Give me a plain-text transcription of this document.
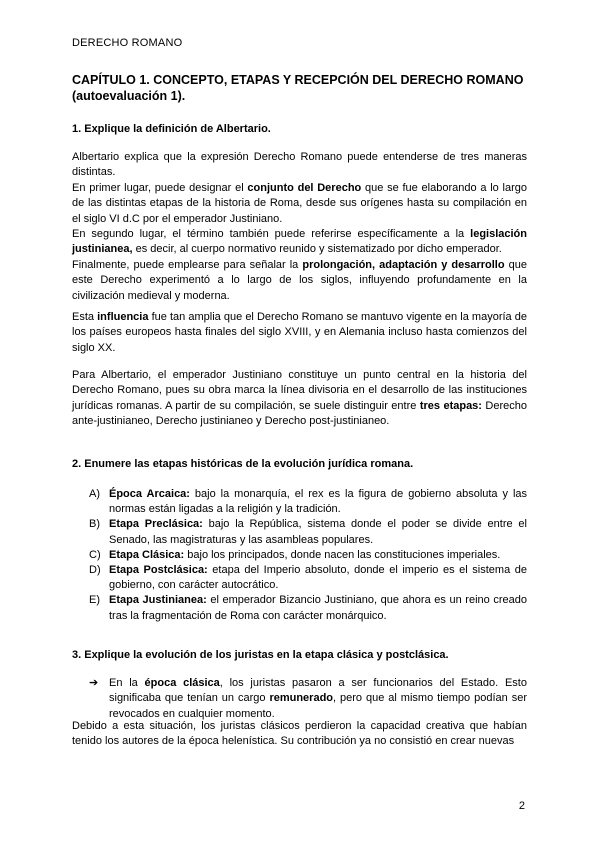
DERECHO ROMANO
CAPÍTULO 1. CONCEPTO, ETAPAS Y RECEPCIÓN DEL DERECHO ROMANO (autoevaluación 1).
1. Explique la definición de Albertario.

Albertario explica que la expresión Derecho Romano puede entenderse de tres maneras distintas.

En primer lugar, puede designar el conjunto del Derecho que se fue elaborando a lo largo de las distintas etapas de la historia de Roma, desde sus orígenes hasta su compilación en el siglo VI d.C por el emperador Justiniano.

En segundo lugar, el término también puede referirse específicamente a la legislación justinianea, es decir, al cuerpo normativo reunido y sistematizado por dicho emperador.

Finalmente, puede emplearse para señalar la prolongación, adaptación y desarrollo que este Derecho experimentó a lo largo de los siglos, influyendo profundamente en la civilización medieval y moderna.

Esta influencia fue tan amplia que el Derecho Romano se mantuvo vigente en la mayoría de los países europeos hasta finales del siglo XVIII, y en Alemania incluso hasta comienzos del siglo XX.
Para Albertario, el emperador Justiniano constituye un punto central en la historia del Derecho Romano, pues su obra marca la línea divisoria en el desarrollo de las instituciones jurídicas romanas. A partir de su compilación, se suele distinguir entre tres etapas: Derecho ante-justinianeo, Derecho justinianeo y Derecho post-justinianeo.
2. Enumere las etapas históricas de la evolución jurídica romana.
A) Época Arcaica: bajo la monarquía, el rex es la figura de gobierno absoluta y las normas están ligadas a la religión y la tradición.
B) Etapa Preclásica: bajo la República, sistema donde el poder se divide entre el Senado, las magistraturas y las asambleas populares.
C) Etapa Clásica: bajo los principados, donde nacen las constituciones imperiales.
D) Etapa Postclásica: etapa del Imperio absoluto, donde el imperio es el sistema de gobierno, con carácter autocrático.
E) Etapa Justinianea: el emperador Bizancio Justiniano, que ahora es un reino creado tras la fragmentación de Roma con carácter monárquico.
3. Explique la evolución de los juristas en la etapa clásica y postclásica.
➔ En la época clásica, los juristas pasaron a ser funcionarios del Estado. Esto significaba que tenían un cargo remunerado, pero que al mismo tiempo podían ser revocados en cualquier momento.
Debido a esta situación, los juristas clásicos perdieron la capacidad creativa que habían tenido los autores de la época helenística. Su contribución ya no consistió en crear nuevas
2
